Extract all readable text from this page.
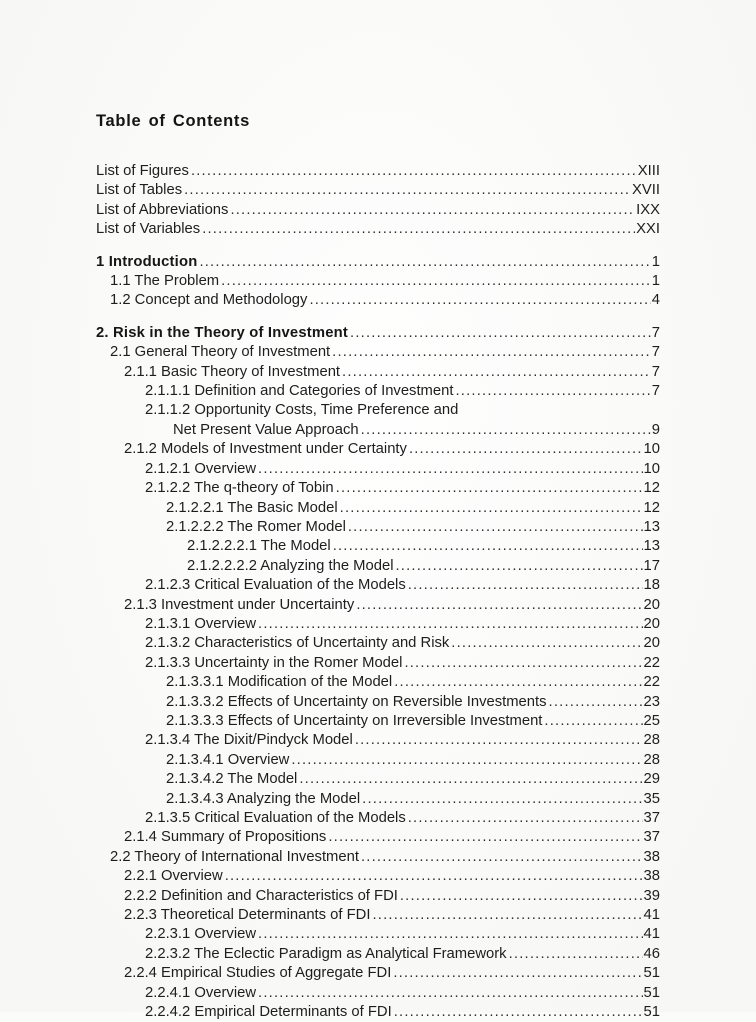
Table of Contents
List of Figures .....	XIII
List of Tables .....	XVII
List of Abbreviations .....	IXX
List of Variables .....	XXI
1 Introduction .....	1
1.1 The Problem .....	1
1.2 Concept and Methodology .....	4
2. Risk in the Theory of Investment .....	7
2.1 General Theory of Investment .....	7
2.1.1 Basic Theory of Investment .....	7
2.1.1.1 Definition and Categories of Investment .....	7
2.1.1.2 Opportunity Costs, Time Preference and
Net Present Value Approach .....	9
2.1.2 Models of Investment under Certainty .....	10
2.1.2.1 Overview .....	10
2.1.2.2 The q-theory of Tobin .....	12
2.1.2.2.1 The Basic Model .....	12
2.1.2.2.2 The Romer Model .....	13
2.1.2.2.2.1 The Model .....	13
2.1.2.2.2.2 Analyzing the Model .....	17
2.1.2.3 Critical Evaluation of the Models .....	18
2.1.3 Investment under Uncertainty .....	20
2.1.3.1 Overview .....	20
2.1.3.2 Characteristics of Uncertainty and Risk .....	20
2.1.3.3 Uncertainty in the Romer Model .....	22
2.1.3.3.1 Modification of the Model .....	22
2.1.3.3.2 Effects of Uncertainty on Reversible Investments .....	23
2.1.3.3.3 Effects of Uncertainty on Irreversible Investment .....	25
2.1.3.4 The Dixit/Pindyck Model .....	28
2.1.3.4.1 Overview .....	28
2.1.3.4.2 The Model .....	29
2.1.3.4.3 Analyzing the Model .....	35
2.1.3.5 Critical Evaluation of the Models .....	37
2.1.4 Summary of Propositions .....	37
2.2 Theory of International Investment .....	38
2.2.1 Overview .....	38
2.2.2 Definition and Characteristics of FDI .....	39
2.2.3 Theoretical Determinants of FDI .....	41
2.2.3.1 Overview .....	41
2.2.3.2 The Eclectic Paradigm as Analytical Framework .....	46
2.2.4 Empirical Studies of Aggregate FDI .....	51
2.2.4.1 Overview .....	51
2.2.4.2 Empirical Determinants of FDI .....	51
